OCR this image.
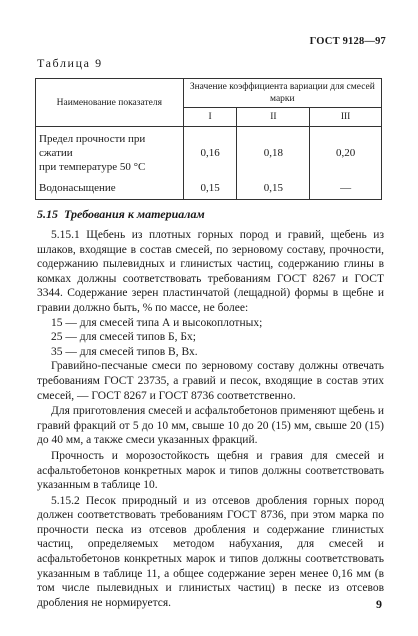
ГОСТ 9128—97
Таблица 9
Наименование показателя	Значение коэффициента вариации для смесей марки		
	I	II	III

Предел прочности при сжатии
при температуре 50 °С	0,16	0,18	0,20

Водонасыщение	0,15	0,15	—
5.15 Требования к материалам

5.15.1 Щебень из плотных горных пород и гравий, щебень из шлаков, входящие в состав смесей, по зерновому составу, прочности, содержанию пылевидных и глинистых частиц, содержанию глины в комках должны соответствовать требованиям ГОСТ 8267 и ГОСТ 3344. Содержание зерен пластинчатой (лещадной) формы в щебне и гравии должно быть, % по массе, не более:

15 — для смесей типа А и высокоплотных;

25 — для смесей типов Б, Бх;

35 — для смесей типов В, Вх.

Гравийно-песчаные смеси по зерновому составу должны отвечать требованиям ГОСТ 23735, а гравий и песок, входящие в состав этих смесей, — ГОСТ 8267 и ГОСТ 8736 соответственно.

Для приготовления смесей и асфальтобетонов применяют щебень и гравий фракций от 5 до 10 мм, свыше 10 до 20 (15) мм, свыше 20 (15) до 40 мм, а также смеси указанных фракций.

Прочность и морозостойкость щебня и гравия для смесей и асфальтобетонов конкретных марок и типов должны соответствовать указанным в таблице 10.

5.15.2 Песок природный и из отсевов дробления горных пород должен соответствовать требованиям ГОСТ 8736, при этом марка по прочности песка из отсевов дробления и содержание глинистых частиц, определяемых методом набухания, для смесей и асфальтобетонов конкретных марок и типов должны соответствовать указанным в таблице 11, а общее содержание зерен менее 0,16 мм (в том числе пылевидных и глинистых частиц) в песке из отсевов дробления не нормируется.	9
